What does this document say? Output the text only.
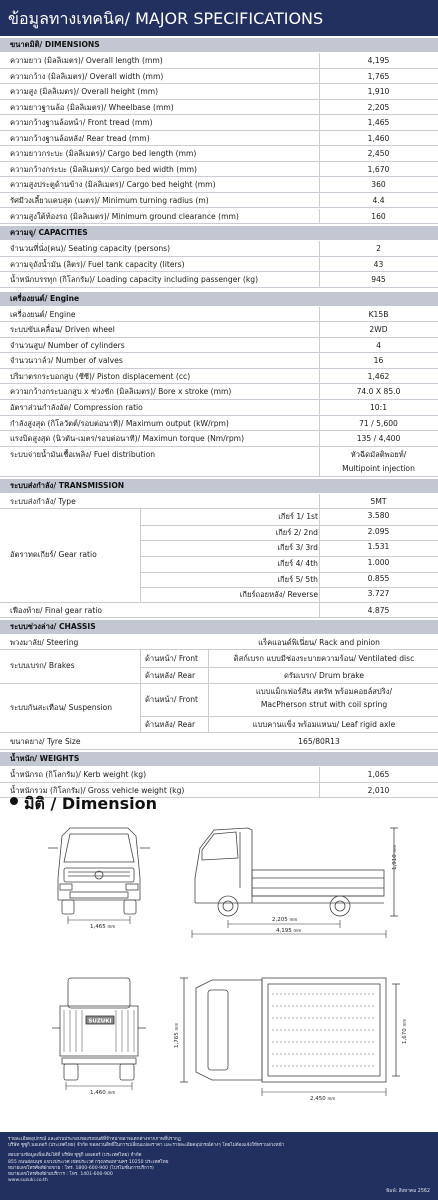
ข้อมูลทางเทคนิค/ MAJOR SPECIFICATIONS
ขนาดมิติ/ DIMENSIONS
ความยาว (มิลลิเมตร)/ Overall length (mm)	4,195
ความกว้าง (มิลลิเมตร)/ Overall width (mm)	1,765
ความสูง (มิลลิเมตร)/ Overall height (mm)	1,910
ความยาวฐานล้อ (มิลลิเมตร)/ Wheelbase (mm)	2,205
ความกว้างฐานล้อหน้า/ Front tread (mm)	1,465
ความกว้างฐานล้อหลัง/ Rear tread (mm)	1,460
ความยาวกระบะ (มิลลิเมตร)/ Cargo bed length (mm)	2,450
ความกว้างกระบะ (มิลลิเมตร)/ Cargo bed width (mm)	1,670
ความสูงประตูด้านข้าง (มิลลิเมตร)/ Cargo bed height (mm)	360
รัศมีวงเลี้ยวแคบสุด (เมตร)/ Minimum turning radius (m)	4.4
ความสูงใต้ท้องรถ (มิลลิเมตร)/ Minimum ground clearance (mm)	160
ความจุ/ CAPACITIES
จำนวนที่นั่ง(คน)/ Seating capacity (persons)	2
ความจุถังน้ำมัน (ลิตร)/ Fuel tank capacity (liters)	43
น้ำหนักบรรทุก (กิโลกรัม)/ Loading capacity including passenger (kg)	945
เครื่องยนต์/ Engine
เครื่องยนต์/ Engine	K15B
ระบบขับเคลื่อน/ Driven wheel	2WD
จำนวนสูบ/ Number of cylinders	4
จำนวนวาล์ว/ Number of valves	16
ปริมาตรกระบอกสูบ (ซีซี)/ Piston displacement (cc)	1,462
ความกว้างกระบอกสูบ x ช่วงชัก (มิลลิเมตร)/ Bore x stroke (mm)	74.0 X 85.0
อัตราส่วนกำลังอัด/ Compression ratio	10:1
กำลังสูงสุด (กิโลวัตต์/รอบต่อนาที)/ Maximum output (kW/rpm)	71 / 5,600
แรงบิดสูงสุด (นิวตัน-เมตร/รอบต่อนาที)/ Maximun torque (Nm/rpm)	135 / 4,400
ระบบจ่ายน้ำมันเชื้อเพลิง/ Fuel distribution	หัวฉีดมัลติพอยท์/
Multipoint injection
ระบบส่งกำลัง/ TRANSMISSION
ระบบส่งกำลัง/ Type	5MT
อัตราทดเกียร์/ Gear ratio
เกียร์ 1/ 1st	3.580
เกียร์ 2/ 2nd	2.095
เกียร์ 3/ 3rd	1.531
เกียร์ 4/ 4th	1.000
เกียร์ 5/ 5th	0.855
เกียร์ถอยหลัง/ Reverse	3.727
เฟืองท้าย/ Final gear ratio	4.875
ระบบช่วงล่าง/ CHASSIS
พวงมาลัย/ Steering	แร็คแอนด์พิเนี่ยน/ Rack and pinion
ระบบเบรก/ Brakes
ด้านหน้า/ Front	ดิสก์เบรก แบบมีช่องระบายความร้อน/ Ventilated disc
ด้านหลัง/ Rear	ดรัมเบรก/ Drum brake
ระบบกันสะเทือน/ Suspension
ด้านหน้า/ Front
แบบแม็กเฟอร์สัน สตรัท พร้อมคอยล์สปริง/
MacPherson strut with coil spring
ด้านหลัง/ Rear	แบบคานแข็ง พร้อมแหนบ/ Leaf rigid axle
ขนาดยาง/ Tyre Size	165/80R13
น้ำหนัก/ WEIGHTS
น้ำหนักรถ (กิโลกรัม)/ Kerb weight (kg)	1,065
น้ำหนักรวม (กิโลกรัม)/ Gross vehicle weight (kg)	2,010
มิติ / Dimension
SUZUKI
1,465 mm
2,205 mm
4,195 mm
1,910 mm
1,460 mm
1,765 mm
2,450 mm
1,670 mm
รายละเอียดอุปกรณ์ และส่วนประกอบของรถยนต์ที่จำหน่ายอาจแตกต่างจากภาพที่ปรากฏ
บริษัท ซูซูกิ มอเตอร์ (ประเทศไทย) จำกัด ขอสงวนสิทธิ์ในการเปลี่ยนแปลงราคา และรายละเอียดอุปกรณ์ต่างๆ โดยไม่ต้องแจ้งให้ทราบล่วงหน้า
สอบถามข้อมูลเพิ่มเติมได้ที่ บริษัท ซูซูกิ มอเตอร์ (ประเทศไทย) จำกัด
855 ถนนอ่อนนุช แขวงประเวศ เขตประเวศ กรุงเทพมหานคร 10250 ประเทศไทย
หมายเลขโทรศัพท์ฝ่ายขาย : โทร. 1800-600-900 (โปรโมชั่นการบริการ)
หมายเลขโทรศัพท์ฝ่ายบริการ : โทร. 1401-600-900
www.suzuki.co.th
พิมพ์: สิงหาคม 2562
